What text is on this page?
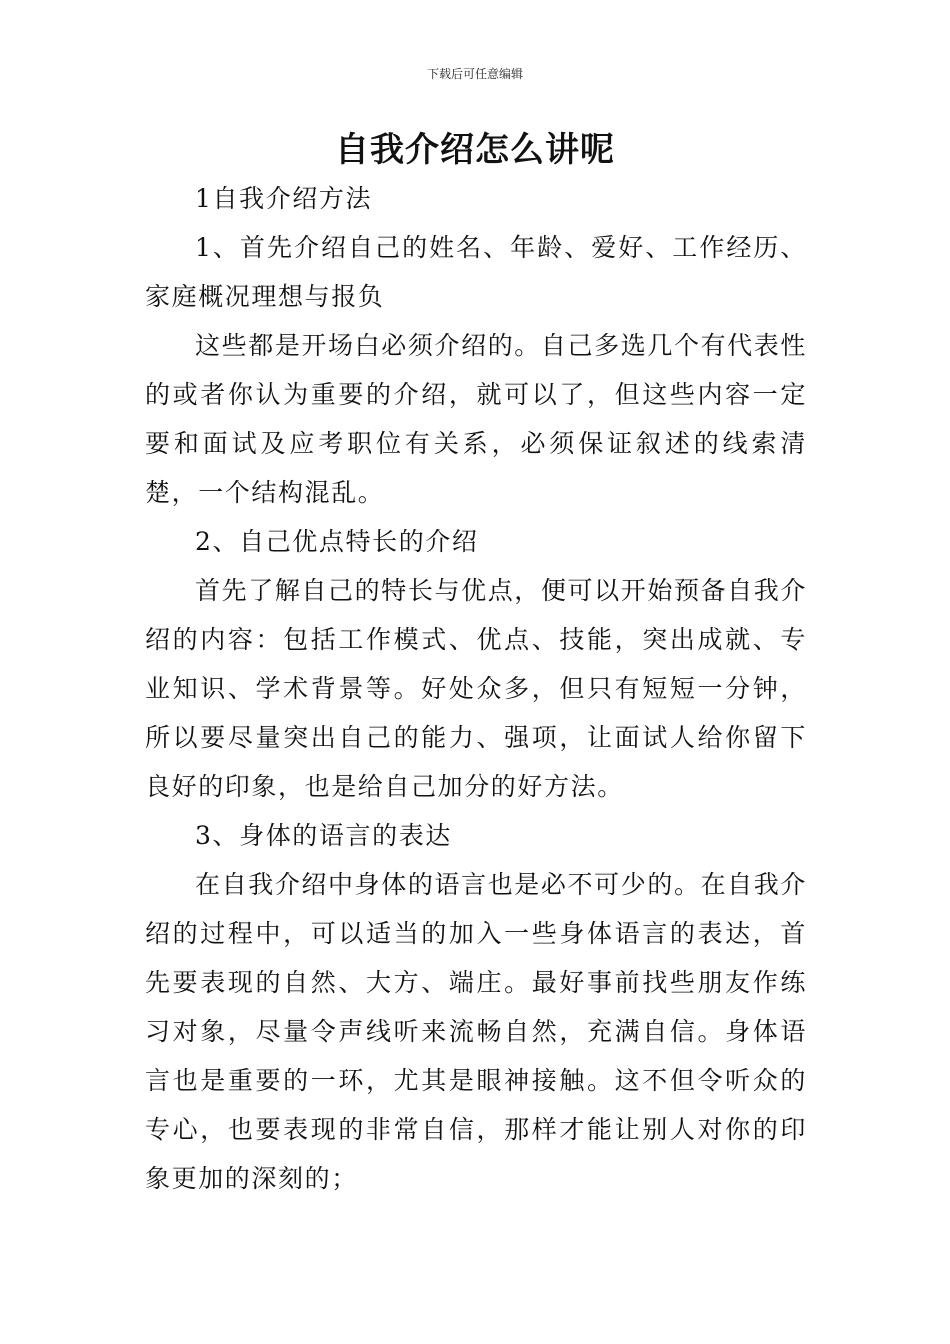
下载后可任意编辑
自我介绍怎么讲呢

1自我介绍方法

1、首先介绍自己的姓名、年龄、爱好、工作经历、家庭概况理想与报负

这些都是开场白必须介绍的。自己多选几个有代表性的或者你认为重要的介绍，就可以了，但这些内容一定要和面试及应考职位有关系，必须保证叙述的线索清楚，一个结构混乱。

2、自己优点特长的介绍

首先了解自己的特长与优点，便可以开始预备自我介绍的内容：包括工作模式、优点、技能，突出成就、专业知识、学术背景等。好处众多，但只有短短一分钟，所以要尽量突出自己的能力、强项，让面试人给你留下良好的印象，也是给自己加分的好方法。

3、身体的语言的表达

在自我介绍中身体的语言也是必不可少的。在自我介绍的过程中，可以适当的加入一些身体语言的表达，首先要表现的自然、大方、端庄。最好事前找些朋友作练习对象，尽量令声线听来流畅自然，充满自信。身体语言也是重要的一环，尤其是眼神接触。这不但令听众的专心，也要表现的非常自信，那样才能让别人对你的印象更加的深刻的；
